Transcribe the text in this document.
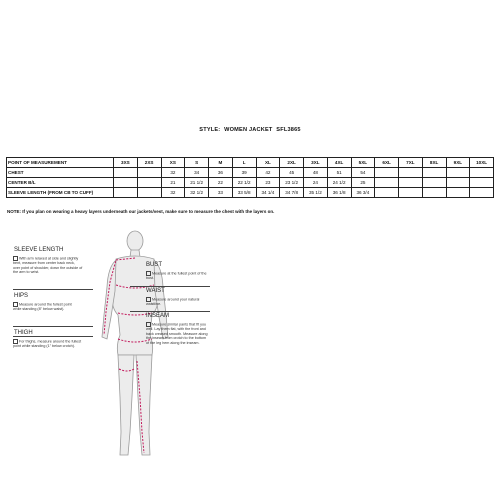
STYLE: WOMEN JACKET SFL3865
POINT OF MEASUREMENT	3XS	2XS	XS	S	M	L	XL	2XL	3XL	4XL	5XL	6XL	7XL	8XL	9XL	10XL
CHEST			32	34	36	39	42	45	48	51	54					
CENTER B/L			21	21 1/2	22	22 1/2	23	23 1/2	24	24 1/2	25					
SLEEVE LENGTH (FROM CB TO CUFF)			32	32 1/2	33	33 5/8	34 1/4	34 7/8	35 1/2	36 1/8	36 3/4					
NOTE: If you plan on wearing a heavy layers underneath our jackets/vest, make sure to measure the chest with the layers on.
SLEEVE LENGTH
With arm relaxed at side and slightly bent, measure from center back neck, over point of shoulder, down the outside of the arm to wrist.
HIPS
Measure around the fullest point while standing (8" below waist).
THIGH
For thighs, measure around the fullest point while standing (1" below crotch).
BUST
Measure at the fullest point of the bust.
WAIST
Measure around your natural waistline.
INSEAM
Measure similar pants that fit you well. Lay them flat, with the front and back creased smooth. Measure along the inseam from crotch to the bottom of the leg hem along the inseam.
